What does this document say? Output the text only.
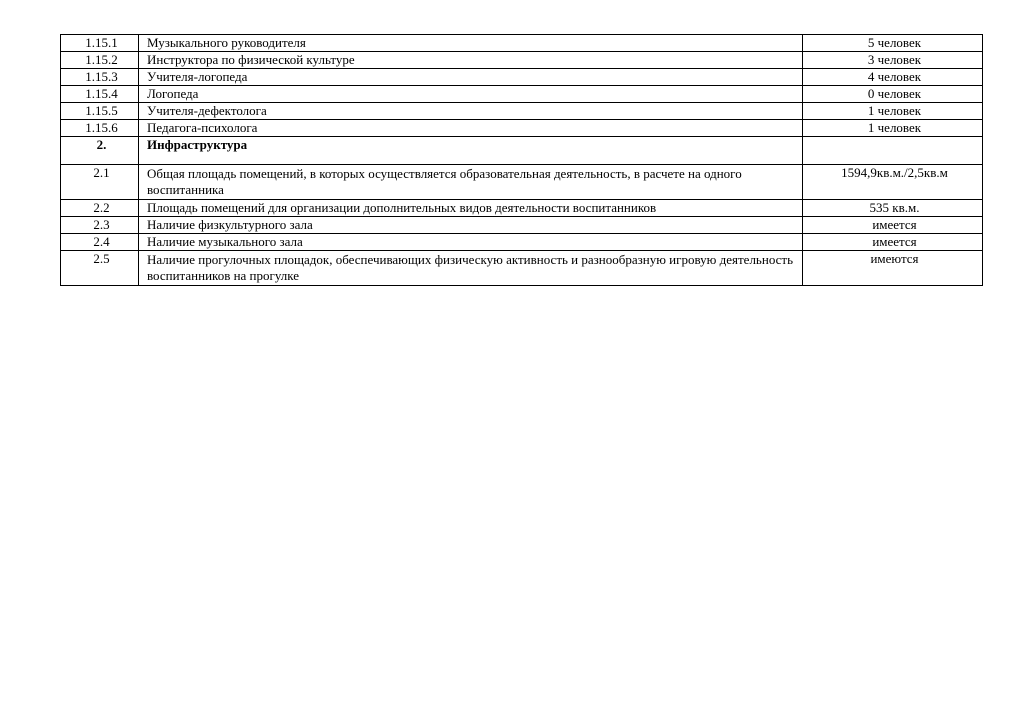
1.15.1	Музыкального руководителя	5 человек
1.15.2	Инструктора по физической культуре	3 человек
1.15.3	Учителя-логопеда	4 человек
1.15.4	Логопеда	0 человек
1.15.5	Учителя-дефектолога	1 человек
1.15.6	Педагога-психолога	1 человек
2.	Инфраструктура	
2.1	Общая площадь помещений, в которых осуществляется образовательная деятельность, в расчете на одного воспитанника	1594,9кв.м./2,5кв.м
2.2	Площадь помещений для организации дополнительных видов деятельности воспитанников	535 кв.м.
2.3	Наличие физкультурного зала	имеется
2.4	Наличие музыкального зала	имеется
2.5	Наличие прогулочных площадок, обеспечивающих физическую активность и разнообразную игровую деятельность воспитанников на прогулке	имеются
